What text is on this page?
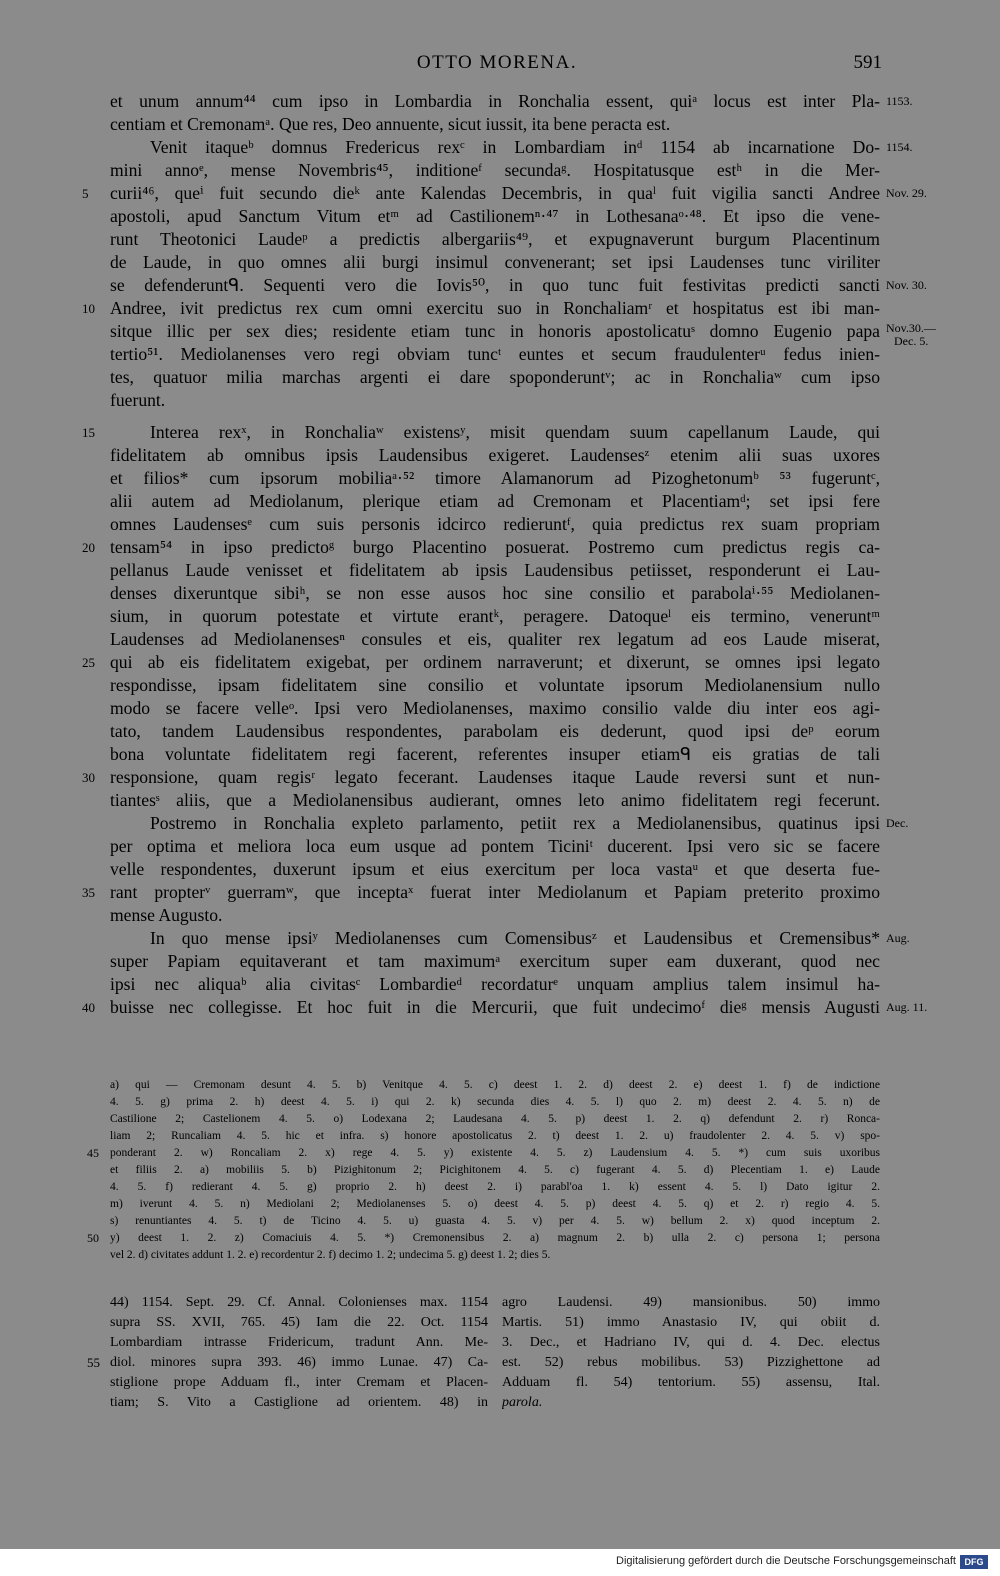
OTTO MORENA.	591
et unum annum⁴⁴ cum ipso in Lombardia in Ronchalia essent, quiᵃ locus est inter Pla-
centiam et Cremonamᵃ. Que res, Deo annuente, sicut iussit, ita bene peracta est.
Venit itaqueᵇ domnus Fredericus rexᶜ in Lombardiam inᵈ 1154 ab incarnatione Do-
mini annoᵉ, mense Novembris⁴⁵, inditioneᶠ secundaᵍ. Hospitatusque estʰ in die Mer-
curii⁴⁶, queⁱ fuit secundo dieᵏ ante Kalendas Decembris, in quaˡ fuit vigilia sancti Andree
apostoli, apud Sanctum Vitum etᵐ ad Castilionemⁿ·⁴⁷ in Lothesanaᵒ·⁴⁸. Et ipso die vene-
runt Theotonici Laudeᵖ a predictis albergariis⁴⁹, et expugnaverunt burgum Placentinum
de Laude, in quo omnes alii burgi insimul convenerant; set ipsi Laudenses tunc viriliter
se defenderuntᑫ. Sequenti vero die Iovis⁵⁰, in quo tunc fuit festivitas predicti sancti
Andree, ivit predictus rex cum omni exercitu suo in Ronchaliamʳ et hospitatus est ibi man-
sitque illic per sex dies; residente etiam tunc in honoris apostolicatuˢ domno Eugenio papa
tertio⁵¹. Mediolanenses vero regi obviam tuncᵗ euntes et secum fraudulenterᵘ fedus inien-
tes, quatuor milia marchas argenti ei dare spoponderuntᵛ; ac in Ronchaliaʷ cum ipso
fuerunt.
Interea rexˣ, in Ronchaliaʷ existensʸ, misit quendam suum capellanum Laude, qui
fidelitatem ab omnibus ipsis Laudensibus exigeret. Laudensesᶻ etenim alii suas uxores
et filios* cum ipsorum mobiliaᵃ·⁵² timore Alamanorum ad Pizoghetonumᵇ ⁵³ fugeruntᶜ,
alii autem ad Mediolanum, plerique etiam ad Cremonam et Placentiamᵈ; set ipsi fere
omnes Laudensesᵉ cum suis personis idcirco redieruntᶠ, quia predictus rex suam propriam
tensam⁵⁴ in ipso predictoᵍ burgo Placentino posuerat. Postremo cum predictus regis ca-
pellanus Laude venisset et fidelitatem ab ipsis Laudensibus petiisset, responderunt ei Lau-
denses dixeruntque sibiʰ, se non esse ausos hoc sine consilio et parabolaⁱ·⁵⁵ Mediolanen-
sium, in quorum potestate et virtute erantᵏ, peragere. Datoqueˡ eis termino, veneruntᵐ
Laudenses ad Mediolanensesⁿ consules et eis, qualiter rex legatum ad eos Laude miserat,
qui ab eis fidelitatem exigebat, per ordinem narraverunt; et dixerunt, se omnes ipsi legato
respondisse, ipsam fidelitatem sine consilio et voluntate ipsorum Mediolanensium nullo
modo se facere velleᵒ. Ipsi vero Mediolanenses, maximo consilio valde diu inter eos agi-
tato, tandem Laudensibus respondentes, parabolam eis dederunt, quod ipsi deᵖ eorum
bona voluntate fidelitatem regi facerent, referentes insuper etiamᑫ eis gratias de tali
responsione, quam regisʳ legato fecerant. Laudenses itaque Laude reversi sunt et nun-
tiantesˢ aliis, que a Mediolanensibus audierant, omnes leto animo fidelitatem regi fecerunt.
Postremo in Ronchalia expleto parlamento, petiit rex a Mediolanensibus, quatinus ipsi
per optima et meliora loca eum usque ad pontem Ticiniᵗ ducerent. Ipsi vero sic se facere
velle respondentes, duxerunt ipsum et eius exercitum per loca vastaᵘ et que deserta fue-
rant propterᵛ guerramʷ, que inceptaˣ fuerat inter Mediolanum et Papiam preterito proximo
mense Augusto.
In quo mense ipsiʸ Mediolanenses cum Comensibusᶻ et Laudensibus et Cremensibus*
super Papiam equitaverant et tam maximumᵃ exercitum super eam duxerant, quod nec
ipsi nec aliquaᵇ alia civitasᶜ Lombardieᵈ recordaturᵉ unquam amplius talem insimul ha-
buisse nec collegisse. Et hoc fuit in die Mercurii, que fuit undecimoᶠ dieᵍ mensis Augusti
5
10
15
20
25
30
35
40
1153.
1154.
Nov. 29.
Nov. 30.
Nov.30.—
Dec. 5.
Dec.
Aug.
Aug. 11.
a) qui — Cremonam desunt 4. 5. b) Venitque 4. 5. c) deest 1. 2. d) deest 2. e) deest 1. f) de indictione
4. 5. g) prima 2. h) deest 4. 5. i) qui 2. k) secunda dies 4. 5. l) quo 2. m) deest 2. 4. 5. n) de
Castilione 2; Castelionem 4. 5. o) Lodexana 2; Laudesana 4. 5. p) deest 1. 2. q) defendunt 2. r) Ronca-
liam 2; Runcaliam 4. 5. hic et infra. s) honore apostolicatus 2. t) deest 1. 2. u) fraudolenter 2. 4. 5. v) spo-
ponderant 2. w) Roncaliam 2. x) rege 4. 5. y) existente 4. 5. z) Laudensium 4. 5. *) cum suis uxoribus
et filiis 2. a) mobiliis 5. b) Pizighitonum 2; Picighitonem 4. 5. c) fugerant 4. 5. d) Plecentiam 1. e) Laude
4. 5. f) redierant 4. 5. g) proprio 2. h) deest 2. i) parabl'oa 1. k) essent 4. 5. l) Dato igitur 2.
m) iverunt 4. 5. n) Mediolani 2; Mediolanenses 5. o) deest 4. 5. p) deest 4. 5. q) et 2. r) regio 4. 5.
s) renuntiantes 4. 5. t) de Ticino 4. 5. u) guasta 4. 5. v) per 4. 5. w) bellum 2. x) quod inceptum 2.
y) deest 1. 2. z) Comaciuis 4. 5. *) Cremonensibus 2. a) magnum 2. b) ulla 2. c) persona 1; persona
vel 2. d) civitates addunt 1. 2. e) recordentur 2. f) decimo 1. 2; undecima 5. g) deest 1. 2; dies 5.
45
50
44) 1154. Sept. 29. Cf. Annal. Colonienses max. 1154
supra SS. XVII, 765. 45) Iam die 22. Oct. 1154
Lombardiam intrasse Fridericum, tradunt Ann. Me-
diol. minores supra 393. 46) immo Lunae. 47) Ca-
stiglione prope Adduam fl., inter Cremam et Placen-
tiam; S. Vito a Castiglione ad orientem. 48) in
agro Laudensi. 49) mansionibus. 50) immo
Martis. 51) immo Anastasio IV, qui obiit d.
3. Dec., et Hadriano IV, qui d. 4. Dec. electus
est. 52) rebus mobilibus. 53) Pizzighettone ad
Adduam fl. 54) tentorium. 55) assensu, Ital.
parola.
55
Digitalisierung gefördert durch die Deutsche Forschungsgemeinschaft DFG
